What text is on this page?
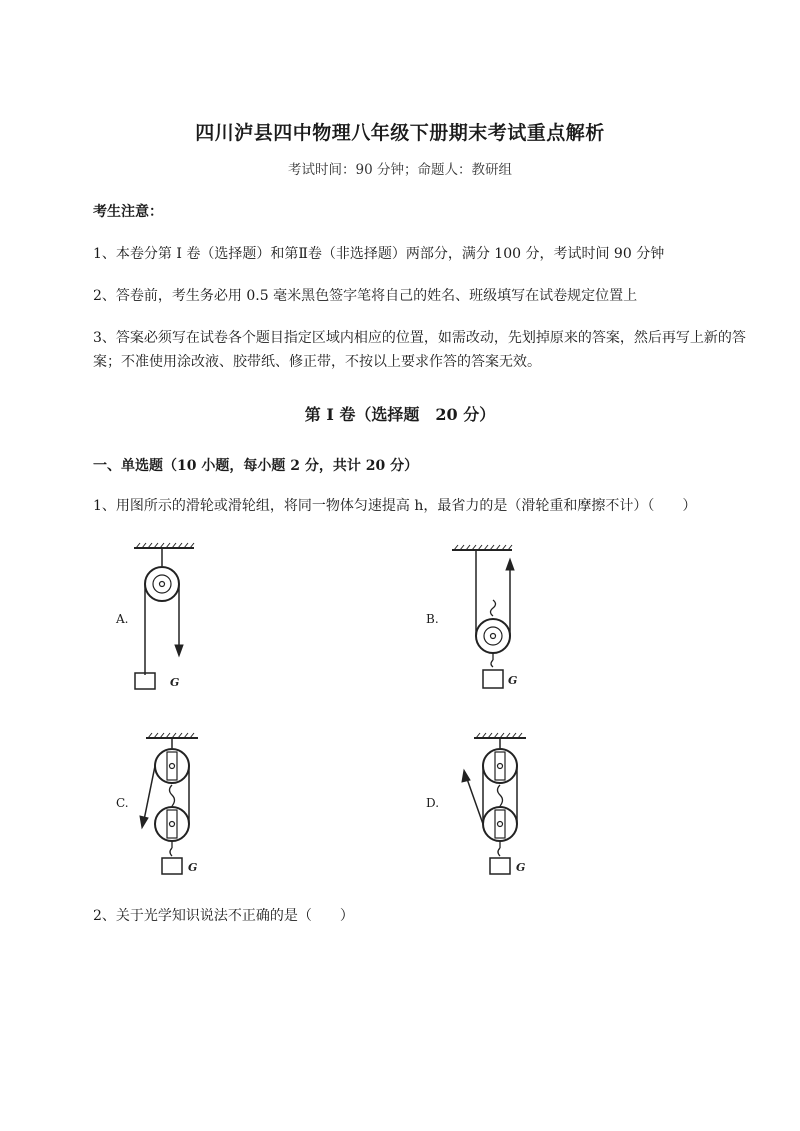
四川泸县四中物理八年级下册期末考试重点解析
考试时间：90 分钟；命题人：教研组
考生注意：
1、本卷分第 I 卷（选择题）和第Ⅱ卷（非选择题）两部分，满分 100 分，考试时间 90 分钟
2、答卷前，考生务必用 0.5 毫米黑色签字笔将自己的姓名、班级填写在试卷规定位置上
3、答案必须写在试卷各个题目指定区域内相应的位置，如需改动，先划掉原来的答案，然后再写上新的答案；不准使用涂改液、胶带纸、修正带，不按以上要求作答的答案无效。
第 I 卷（选择题　20 分）
一、单选题（10 小题，每小题 2 分，共计 20 分）
1、用图所示的滑轮或滑轮组，将同一物体匀速提高 h，最省力的是（滑轮重和摩擦不计）（　　）
A.	B.
C.	D.
G	G
G	G
2、关于光学知识说法不正确的是（　　）
